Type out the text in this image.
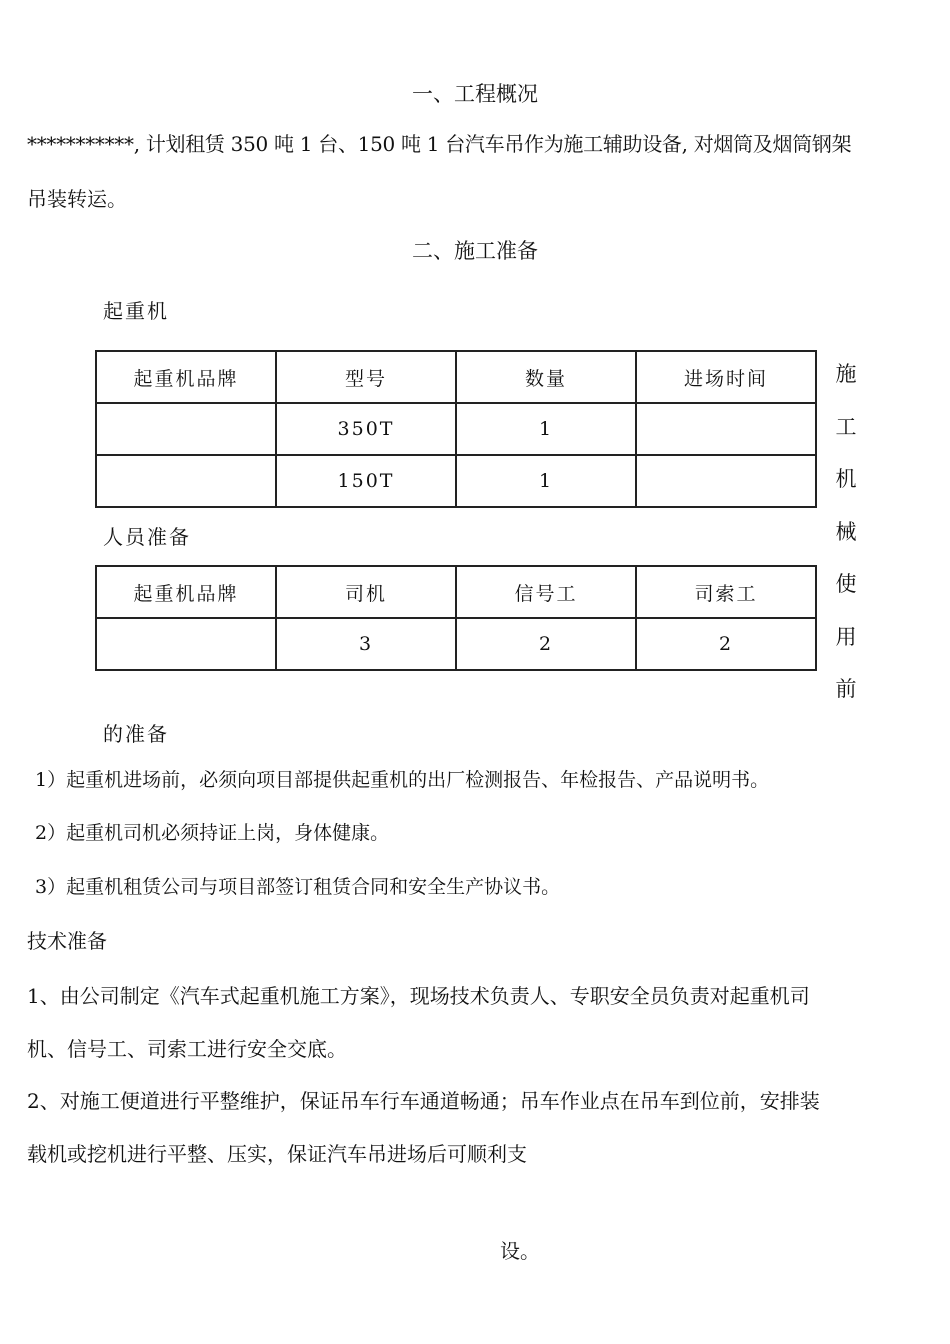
一、工程概况
***********, 计划租赁 350 吨 1 台、150 吨 1 台汽车吊作为施工辅助设备, 对烟筒及烟筒钢架
吊装转运。
二、施工准备
起重机
起重机品牌	型号	数量	进场时间
	350T	1	
	150T	1	
施
工
机
械
使
用
前
人员准备
起重机品牌	司机	信号工	司索工
	3	2	2
的准备
1）起重机进场前，必须向项目部提供起重机的出厂检测报告、年检报告、产品说明书。
2）起重机司机必须持证上岗，身体健康。
3）起重机租赁公司与项目部签订租赁合同和安全生产协议书。
技术准备
1、由公司制定《汽车式起重机施工方案》，现场技术负责人、专职安全员负责对起重机司
机、信号工、司索工进行安全交底。
2、对施工便道进行平整维护，保证吊车行车通道畅通；吊车作业点在吊车到位前，安排装
载机或挖机进行平整、压实，保证汽车吊进场后可顺利支
设。
